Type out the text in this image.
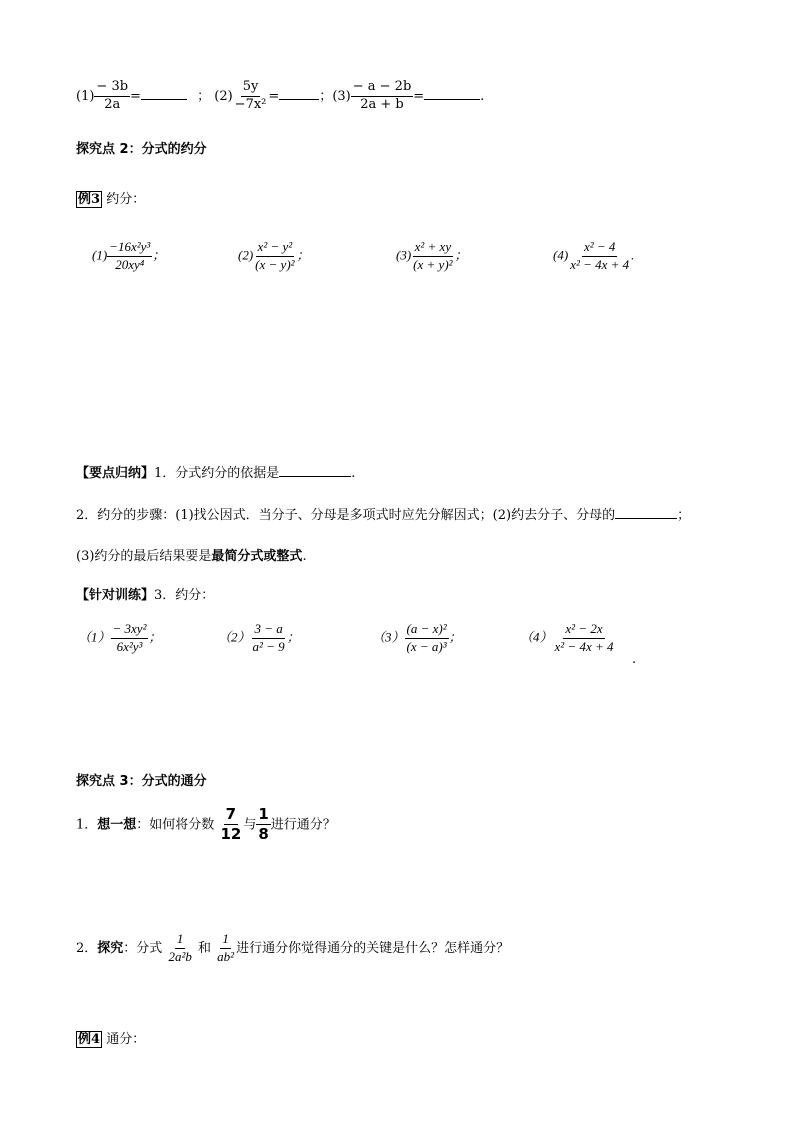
$(1) \frac{- 3b}{2a}$ =	； $(2) \frac{5y}{\text{−7x²}}$ =	；$(3) \frac{- a - 2b}{2a + b}$ =	.
探究点 2：分式的约分
例3 约分：
$(1) \frac{\text{−16x²y³}}{\text{20xy⁴}}$ ；	$(2) \frac{\text{x² − y²}}{\text{(x − y)²}}$ ；	$(3) \frac{\text{x² + xy}}{\text{(x + y)²}}$ ；	$(4) \frac{\text{x² − 4}}{\text{x² − 4x + 4}}$ .
【要点归纳】1．分式约分的依据是	.
2．约分的步骤：(1)找公因式．当分子、分母是多项式时应先分解因式；(2)约去分子、分母的	；
(3)约分的最后结果要是最简分式或整式.
【针对训练】3．约分：
$(1) \frac{\text{− 3xy²}}{\text{6x²y³}}$ ；	$(2) \frac{3 - a}{\text{a² − 9}}$ ；	$(3) \frac{\text{(a − x)²}}{\text{(x − a)³}}$ ；	$(4) \frac{\text{x² − 2x}}{\text{x² − 4x + 4}}$
.
探究点 3：分式的通分
1．想一想：如何将分数 $\frac{7}{12}$ 与 $\frac{1}{8}$ 进行通分？
2．探究：分式 $\frac{1}{\text{2a²b}}$ 和 $\frac{1}{\text{ab²}}$ 进行通分你觉得通分的关键是什么？怎样通分？
例4 通分：
